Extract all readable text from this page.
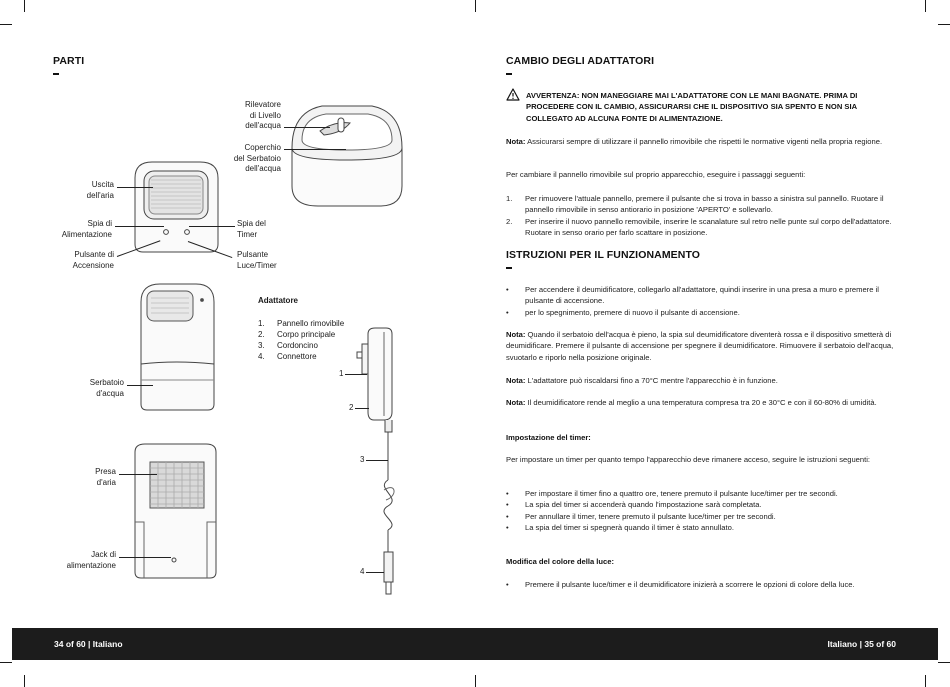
PARTI
Rilevatore
di Livello
dell'acqua
Coperchio
del Serbatoio
dell'acqua
Uscita
dell'aria
Spia di
Alimentazione
Spia del
Timer
Pulsante di
Accensione
Pulsante
Luce/Timer
Serbatoio
d'acqua
Presa
d'aria
Jack di
alimentazione
Adattatore
1.	Pannello rimovibile
2.	Corpo principale
3.	Cordoncino
4.	Connettore
1
2
3
4
CAMBIO DEGLI ADATTATORI
AVVERTENZA: NON MANEGGIARE MAI L'ADATTATORE CON LE MANI BAGNATE. PRIMA DI PROCEDERE CON IL CAMBIO, ASSICURARSI CHE IL DISPOSITIVO SIA SPENTO E NON SIA COLLEGATO AD ALCUNA FONTE DI ALIMENTAZIONE.
Nota: Assicurarsi sempre di utilizzare il pannello rimovibile che rispetti le normative vigenti nella propria regione.
Per cambiare il pannello rimovibile sul proprio apparecchio, eseguire i passaggi seguenti:
1. Per rimuovere l'attuale pannello, premere il pulsante che si trova in basso a sinistra sul pannello. Ruotare il pannello rimovibile in senso antiorario in posizione 'APERTO' e sollevarlo.
2. Per inserire il nuovo pannello removibile, inserire le scanalature sul retro nelle punte sul corpo dell'adattatore. Ruotare in senso orario per farlo scattare in posizione.
ISTRUZIONI PER IL FUNZIONAMENTO
• Per accendere il deumidificatore, collegarlo all'adattatore, quindi inserire in una presa a muro e premere il pulsante di accensione.
• per lo spegnimento, premere di nuovo il pulsante di accensione.
Nota: Quando il serbatoio dell'acqua è pieno, la spia sul deumidificatore diventerà rossa e il dispositivo smetterà di deumidificare. Premere il pulsante di accensione per spegnere il deumidificatore. Rimuovere il serbatoio dell'acqua, svuotarlo e riporlo nella posizione originale.
Nota: L'adattatore può riscaldarsi fino a 70°C mentre l'apparecchio è in funzione.
Nota: Il deumidificatore rende al meglio a una temperatura compresa tra 20 e 30°C e con il 60-80% di umidità.
Impostazione del timer:
Per impostare un timer per quanto tempo l'apparecchio deve rimanere acceso, seguire le istruzioni seguenti:
• Per impostare il timer fino a quattro ore, tenere premuto il pulsante luce/timer per tre secondi.
• La spia del timer si accenderà quando l'impostazione sarà completata.
• Per annullare il timer, tenere premuto il pulsante luce/timer per tre secondi.
• La spia del timer si spegnerà quando il timer è stato annullato.
Modifica del colore della luce:
• Premere il pulsante luce/timer e il deumidificatore inizierà a scorrere le opzioni di colore della luce.
34 of 60 | Italiano	Italiano | 35 of 60
